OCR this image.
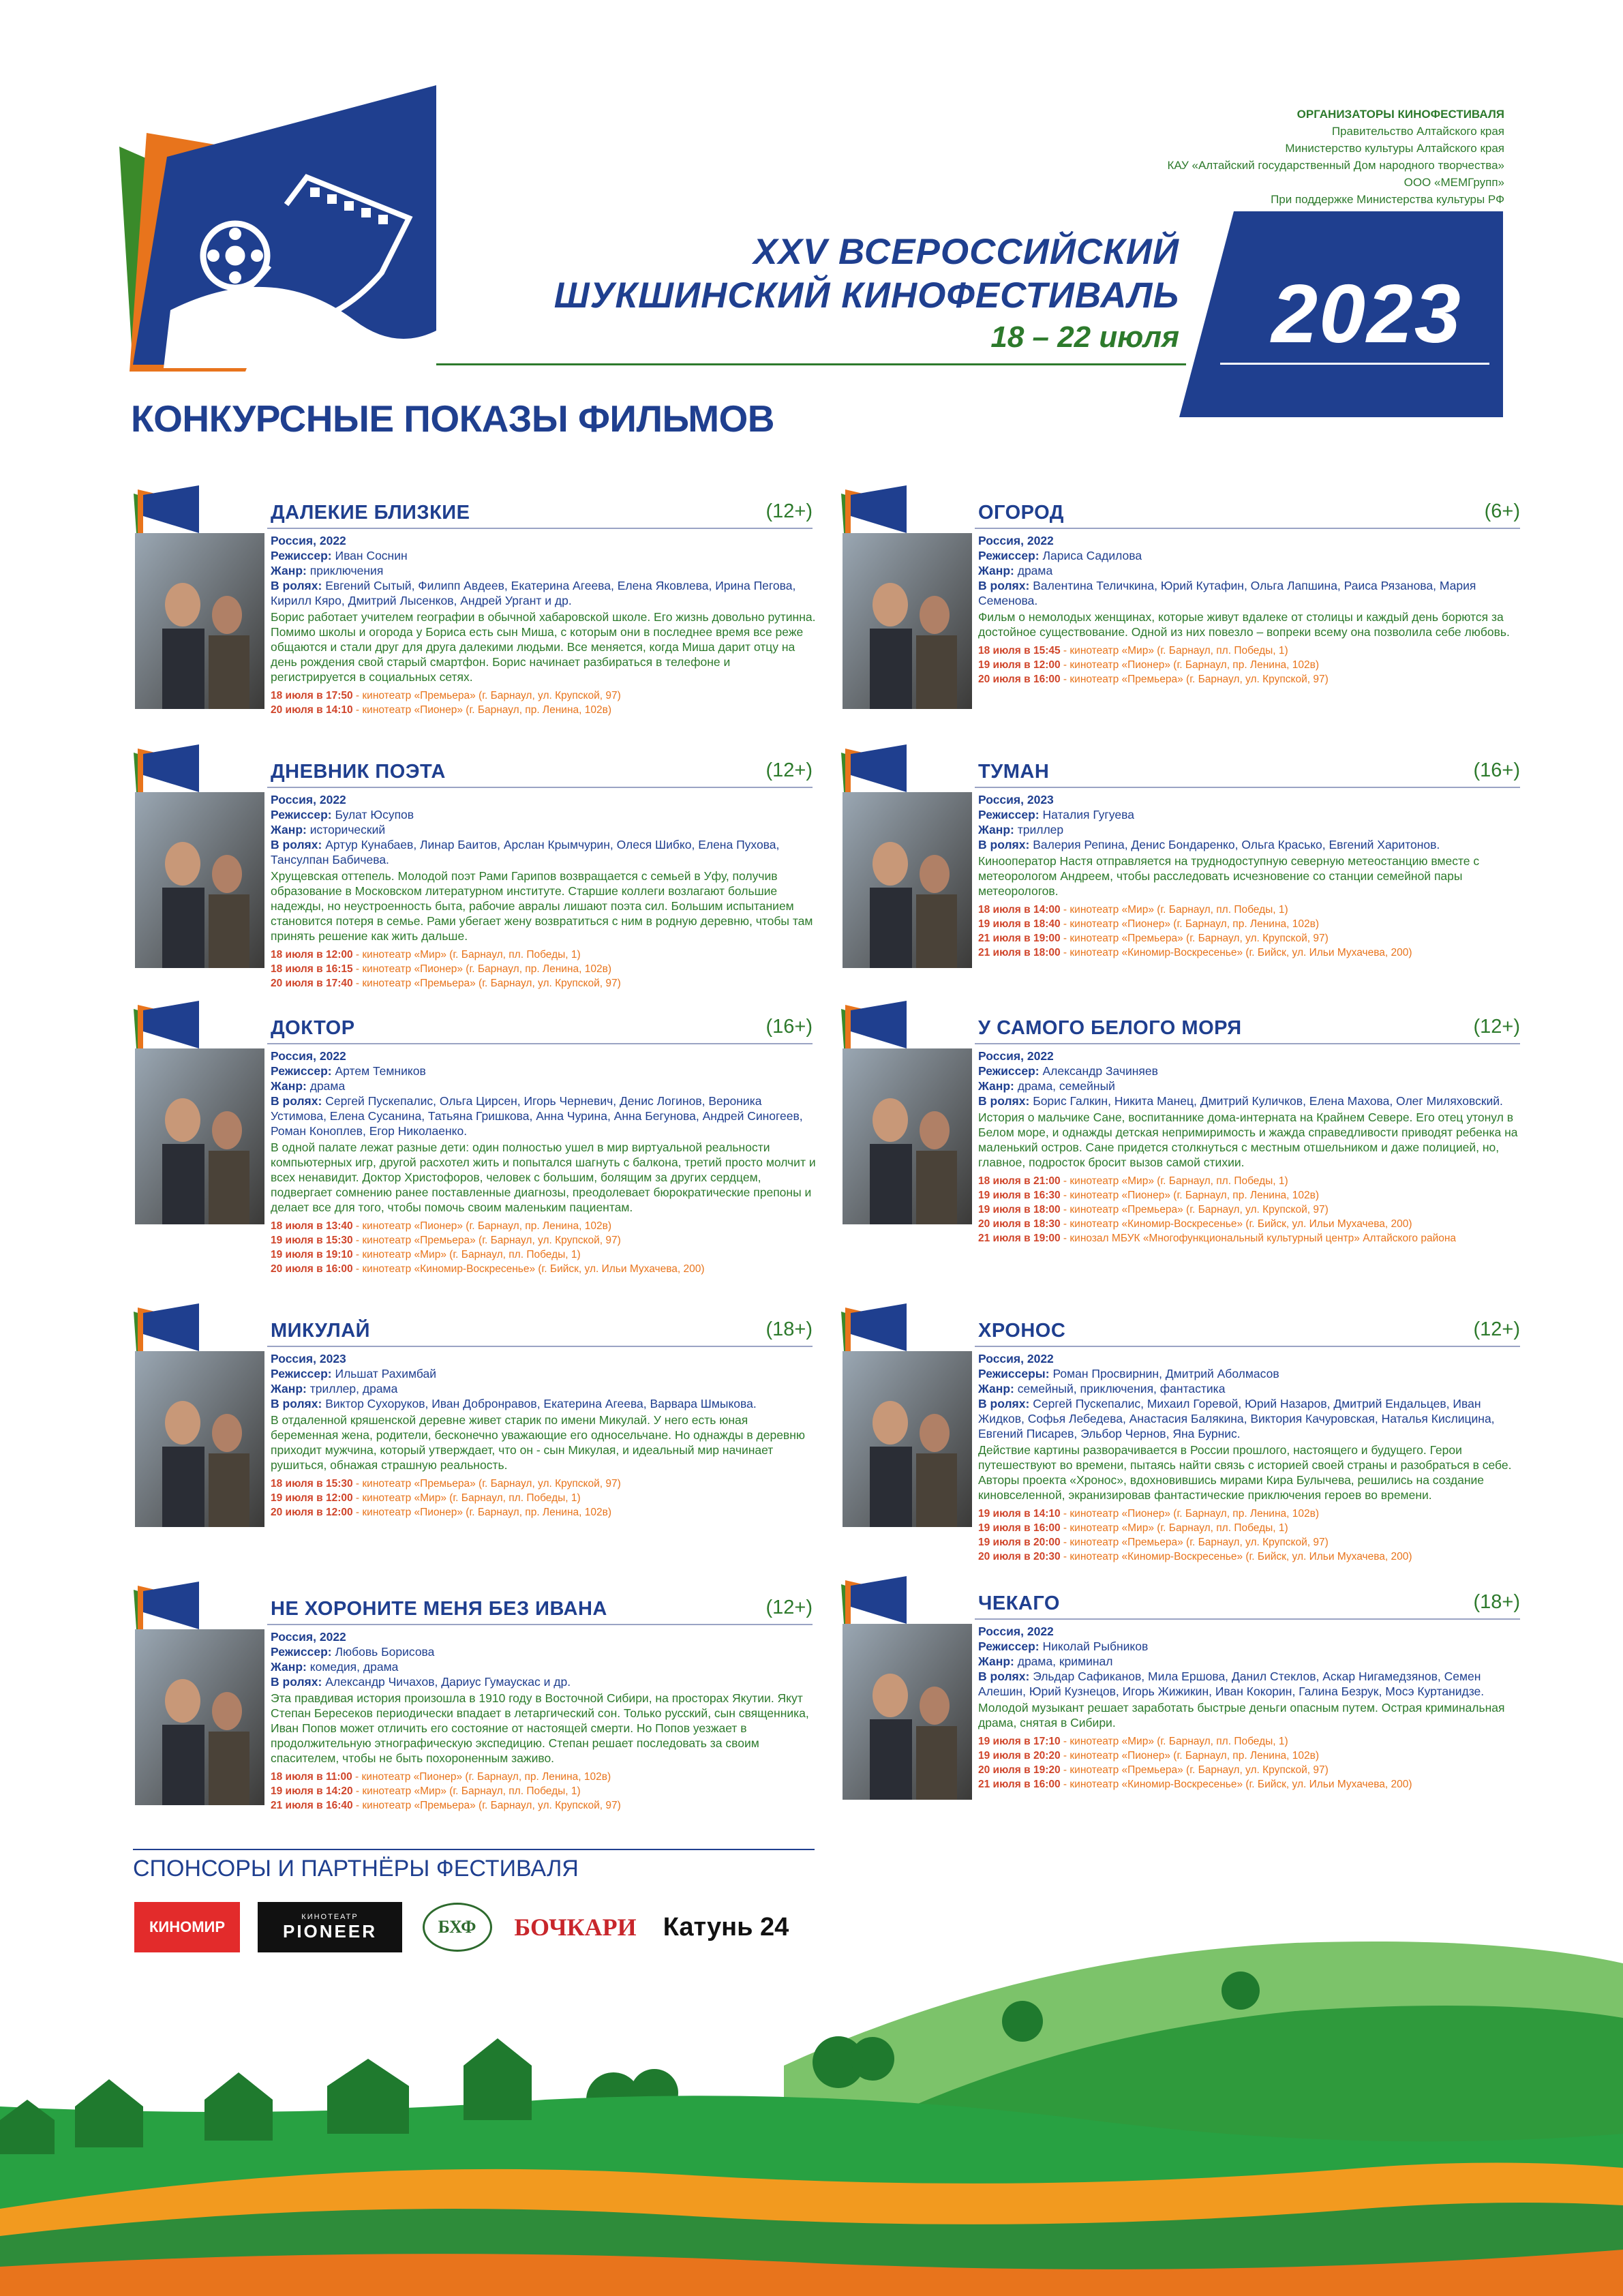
ОРГАНИЗАТОРЫ КИНОФЕСТИВАЛЯ
Правительство Алтайского края
Министерство культуры Алтайского края
КАУ «Алтайский государственный Дом народного творчества»
ООО «МЕМГрупп»
При поддержке Министерства культуры РФ
XXV ВСЕРОССИЙСКИЙ
ШУКШИНСКИЙ КИНОФЕСТИВАЛЬ
18 – 22 июля	2023
КОНКУРСНЫЕ ПОКАЗЫ ФИЛЬМОВ
ДАЛЕКИЕ БЛИЗКИЕ	(12+)
Россия, 2022
Режиссер: Иван Соснин
Жанр: приключения
В ролях: Евгений Сытый, Филипп Авдеев, Екатерина Агеева, Елена Яковлева, Ирина Пегова, Кирилл Кяро, Дмитрий Лысенков, Андрей Ургант и др.
Борис работает учителем географии в обычной хабаровской школе. Его жизнь довольно рутинна. Помимо школы и огорода у Бориса есть сын Миша, с которым они в последнее время все реже общаются и стали друг для друга далекими людьми. Все меняется, когда Миша дарит отцу на день рождения свой старый смартфон. Борис начинает разбираться в телефоне и регистрируется в социальных сетях.
18 июля в 17:50 - кинотеатр «Премьера» (г. Барнаул, ул. Крупской, 97)
20 июля в 14:10 - кинотеатр «Пионер» (г. Барнаул, пр. Ленина, 102в)
ОГОРОД	(6+)
Россия, 2022
Режиссер: Лариса Садилова
Жанр: драма
В ролях: Валентина Теличкина, Юрий Кутафин, Ольга Лапшина, Раиса Рязанова, Мария Семенова.
Фильм о немолодых женщинах, которые живут вдалеке от столицы и каждый день борются за достойное существование. Одной из них повезло – вопреки всему она позволила себе любовь.
18 июля в 15:45 - кинотеатр «Мир» (г. Барнаул, пл. Победы, 1)
19 июля в 12:00 - кинотеатр «Пионер» (г. Барнаул, пр. Ленина, 102в)
20 июля в 16:00 - кинотеатр «Премьера» (г. Барнаул, ул. Крупской, 97)
ДНЕВНИК ПОЭТА	(12+)
Россия, 2022
Режиссер: Булат Юсупов
Жанр: исторический
В ролях: Артур Кунабаев, Линар Баитов, Арслан Крымчурин, Олеся Шибко, Елена Пухова, Тансулпан Бабичева.
Хрущевская оттепель. Молодой поэт Рами Гарипов возвращается с семьей в Уфу, получив образование в Московском литературном институте. Старшие коллеги возлагают большие надежды, но неустроенность быта, рабочие авралы лишают поэта сил. Большим испытанием становится потеря в семье. Рами убегает жену возвратиться с ним в родную деревню, чтобы там принять решение как жить дальше.
18 июля в 12:00 - кинотеатр «Мир» (г. Барнаул, пл. Победы, 1)
18 июля в 16:15 - кинотеатр «Пионер» (г. Барнаул, пр. Ленина, 102в)
20 июля в 17:40 - кинотеатр «Премьера» (г. Барнаул, ул. Крупской, 97)
ТУМАН	(16+)
Россия, 2023
Режиссер: Наталия Гугуева
Жанр: триллер
В ролях: Валерия Репина, Денис Бондаренко, Ольга Красько, Евгений Харитонов.
Кинооператор Настя отправляется на труднодоступную северную метеостанцию вместе с метеорологом Андреем, чтобы расследовать исчезновение со станции семейной пары метеорологов.
18 июля в 14:00 - кинотеатр «Мир» (г. Барнаул, пл. Победы, 1)
19 июля в 18:40 - кинотеатр «Пионер» (г. Барнаул, пр. Ленина, 102в)
21 июля в 19:00 - кинотеатр «Премьера» (г. Барнаул, ул. Крупской, 97)
21 июля в 18:00 - кинотеатр «Киномир-Воскресенье» (г. Бийск, ул. Ильи Мухачева, 200)
ДОКТОР	(16+)
Россия, 2022
Режиссер: Артем Темников
Жанр: драма
В ролях: Сергей Пускепалис, Ольга Цирсен, Игорь Черневич, Денис Логинов, Вероника Устимова, Елена Сусанина, Татьяна Гришкова, Анна Чурина, Анна Бегунова, Андрей Синогеев, Роман Коноплев, Егор Николаенко.
В одной палате лежат разные дети: один полностью ушел в мир виртуальной реальности компьютерных игр, другой расхотел жить и попытался шагнуть с балкона, третий просто молчит и всех ненавидит. Доктор Христофоров, человек с большим, болящим за других сердцем, подвергает сомнению ранее поставленные диагнозы, преодолевает бюрократические препоны и делает все для того, чтобы помочь своим маленьким пациентам.
18 июля в 13:40 - кинотеатр «Пионер» (г. Барнаул, пр. Ленина, 102в)
19 июля в 15:30 - кинотеатр «Премьера» (г. Барнаул, ул. Крупской, 97)
19 июля в 19:10 - кинотеатр «Мир» (г. Барнаул, пл. Победы, 1)
20 июля в 16:00 - кинотеатр «Киномир-Воскресенье» (г. Бийск, ул. Ильи Мухачева, 200)
У САМОГО БЕЛОГО МОРЯ	(12+)
Россия, 2022
Режиссер: Александр Зачиняев
Жанр: драма, семейный
В ролях: Борис Галкин, Никита Манец, Дмитрий Куличков, Елена Махова, Олег Миляховский.
История о мальчике Сане, воспитаннике дома-интерната на Крайнем Севере. Его отец утонул в Белом море, и однажды детская непримиримость и жажда справедливости приводят ребенка на маленький остров. Сане придется столкнуться с местным отшельником и даже полицией, но, главное, подросток бросит вызов самой стихии.
18 июля в 21:00 - кинотеатр «Мир» (г. Барнаул, пл. Победы, 1)
19 июля в 16:30 - кинотеатр «Пионер» (г. Барнаул, пр. Ленина, 102в)
19 июля в 18:00 - кинотеатр «Премьера» (г. Барнаул, ул. Крупской, 97)
20 июля в 18:30 - кинотеатр «Киномир-Воскресенье» (г. Бийск, ул. Ильи Мухачева, 200)
21 июля в 19:00 - кинозал МБУК «Многофункциональный культурный центр» Алтайского района
МИКУЛАЙ	(18+)
Россия, 2023
Режиссер: Ильшат Рахимбай
Жанр: триллер, драма
В ролях: Виктор Сухоруков, Иван Добронравов, Екатерина Агеева, Варвара Шмыкова.
В отдаленной кряшенской деревне живет старик по имени Микулай. У него есть юная беременная жена, родители, бесконечно уважающие его односельчане. Но однажды в деревню приходит мужчина, который утверждает, что он - сын Микулая, и идеальный мир начинает рушиться, обнажая страшную реальность.
18 июля в 15:30 - кинотеатр «Премьера» (г. Барнаул, ул. Крупской, 97)
19 июля в 12:00 - кинотеатр «Мир» (г. Барнаул, пл. Победы, 1)
20 июля в 12:00 - кинотеатр «Пионер» (г. Барнаул, пр. Ленина, 102в)
ХРОНОС	(12+)
Россия, 2022
Режиссеры: Роман Просвирнин, Дмитрий Аболмасов
Жанр: семейный, приключения, фантастика
В ролях: Сергей Пускепалис, Михаил Горевой, Юрий Назаров, Дмитрий Ендальцев, Иван Жидков, Софья Лебедева, Анастасия Балякина, Виктория Качуровская, Наталья Кислицина, Евгений Писарев, Эльбор Чернов, Яна Бурнис.
Действие картины разворачивается в России прошлого, настоящего и будущего. Герои путешествуют во времени, пытаясь найти связь с историей своей страны и разобраться в себе. Авторы проекта «Хронос», вдохновившись мирами Кира Булычева, решились на создание киновселенной, экранизировав фантастические приключения героев во времени.
19 июля в 14:10 - кинотеатр «Пионер» (г. Барнаул, пр. Ленина, 102в)
19 июля в 16:00 - кинотеатр «Мир» (г. Барнаул, пл. Победы, 1)
19 июля в 20:00 - кинотеатр «Премьера» (г. Барнаул, ул. Крупской, 97)
20 июля в 20:30 - кинотеатр «Киномир-Воскресенье» (г. Бийск, ул. Ильи Мухачева, 200)
НЕ ХОРОНИТЕ МЕНЯ БЕЗ ИВАНА	(12+)
Россия, 2022
Режиссер: Любовь Борисова
Жанр: комедия, драма
В ролях: Александр Чичахов, Дариус Гумаускас и др.
Эта правдивая история произошла в 1910 году в Восточной Сибири, на просторах Якутии. Якут Степан Бересеков периодически впадает в летаргический сон. Только русский, сын священника, Иван Попов может отличить его состояние от настоящей смерти. Но Попов уезжает в продолжительную этнографическую экспедицию. Степан решает последовать за своим спасителем, чтобы не быть похороненным заживо.
18 июля в 11:00 - кинотеатр «Пионер» (г. Барнаул, пр. Ленина, 102в)
19 июля в 14:20 - кинотеатр «Мир» (г. Барнаул, пл. Победы, 1)
21 июля в 16:40 - кинотеатр «Премьера» (г. Барнаул, ул. Крупской, 97)
ЧЕКАГО	(18+)
Россия, 2022
Режиссер: Николай Рыбников
Жанр: драма, криминал
В ролях: Эльдар Сафиканов, Мила Ершова, Данил Стеклов, Аскар Нигамедзянов, Семен Алешин, Юрий Кузнецов, Игорь Жижикин, Иван Кокорин, Галина Безрук, Мосэ Куртанидзе.
Молодой музыкант решает заработать быстрые деньги опасным путем. Острая криминальная драма, снятая в Сибири.
19 июля в 17:10 - кинотеатр «Мир» (г. Барнаул, пл. Победы, 1)
19 июля в 20:20 - кинотеатр «Пионер» (г. Барнаул, пр. Ленина, 102в)
20 июля в 19:20 - кинотеатр «Премьера» (г. Барнаул, ул. Крупской, 97)
21 июля в 16:00 - кинотеатр «Киномир-Воскресенье» (г. Бийск, ул. Ильи Мухачева, 200)
СПОНСОРЫ И ПАРТНЁРЫ ФЕСТИВАЛЯ
КИНОМИР
КИНОТЕАТР
PIONEER	БХФ БОЧКАРИ Катунь 24
